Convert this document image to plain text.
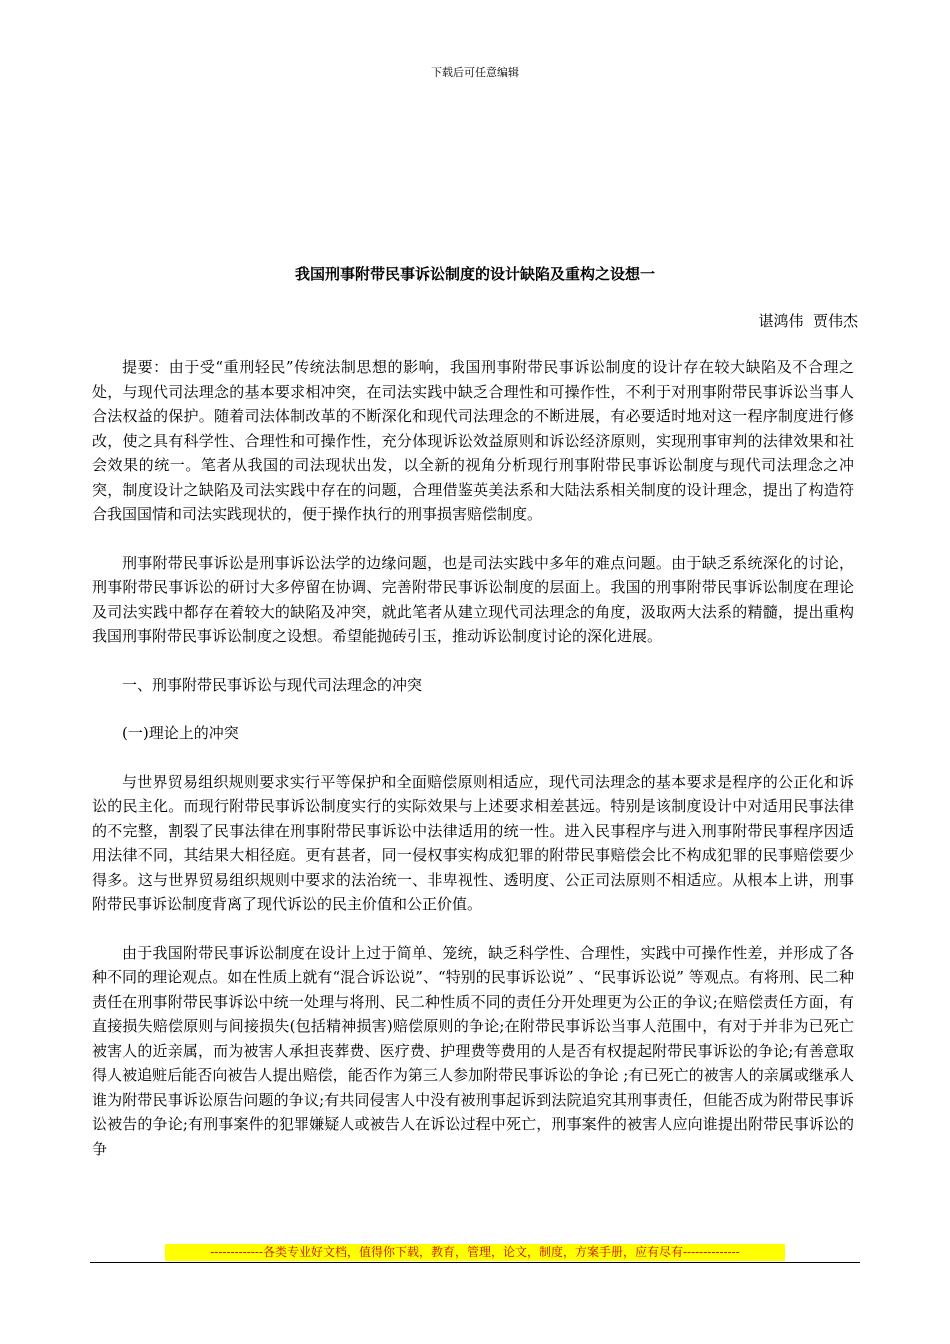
下载后可任意编辑
我国刑事附带民事诉讼制度的设计缺陷及重构之设想一
谌鸿伟  贾伟杰

提要：由于受“重刑轻民”传统法制思想的影响，我国刑事附带民事诉讼制度的设计存在较大缺陷及不合理之处，与现代司法理念的基本要求相冲突，在司法实践中缺乏合理性和可操作性，不利于对刑事附带民事诉讼当事人合法权益的保护。随着司法体制改革的不断深化和现代司法理念的不断进展，有必要适时地对这一程序制度进行修改，使之具有科学性、合理性和可操作性，充分体现诉讼效益原则和诉讼经济原则，实现刑事审判的法律效果和社会效果的统一。笔者从我国的司法现状出发，以全新的视角分析现行刑事附带民事诉讼制度与现代司法理念之冲突，制度设计之缺陷及司法实践中存在的问题，合理借鉴英美法系和大陆法系相关制度的设计理念，提出了构造符合我国国情和司法实践现状的，便于操作执行的刑事损害赔偿制度。

刑事附带民事诉讼是刑事诉讼法学的边缘问题，也是司法实践中多年的难点问题。由于缺乏系统深化的讨论，刑事附带民事诉讼的研讨大多停留在协调、完善附带民事诉讼制度的层面上。我国的刑事附带民事诉讼制度在理论及司法实践中都存在着较大的缺陷及冲突，就此笔者从建立现代司法理念的角度，汲取两大法系的精髓，提出重构我国刑事附带民事诉讼制度之设想。希望能抛砖引玉，推动诉讼制度讨论的深化进展。

一、刑事附带民事诉讼与现代司法理念的冲突

(一)理论上的冲突

与世界贸易组织规则要求实行平等保护和全面赔偿原则相适应，现代司法理念的基本要求是程序的公正化和诉讼的民主化。而现行附带民事诉讼制度实行的实际效果与上述要求相差甚远。特别是该制度设计中对适用民事法律的不完整，割裂了民事法律在刑事附带民事诉讼中法律适用的统一性。进入民事程序与进入刑事附带民事程序因适用法律不同，其结果大相径庭。更有甚者，同一侵权事实构成犯罪的附带民事赔偿会比不构成犯罪的民事赔偿要少得多。这与世界贸易组织规则中要求的法治统一、非卑视性、透明度、公正司法原则不相适应。从根本上讲，刑事附带民事诉讼制度背离了现代诉讼的民主价值和公正价值。

由于我国附带民事诉讼制度在设计上过于简单、笼统，缺乏科学性、合理性，实践中可操作性差，并形成了各种不同的理论观点。如在性质上就有“混合诉讼说”、“特别的民事诉讼说” 、“民事诉讼说” 等观点。有将刑、民二种责任在刑事附带民事诉讼中统一处理与将刑、民二种性质不同的责任分开处理更为公正的争议;在赔偿责任方面，有直接损失赔偿原则与间接损失(包括精神损害)赔偿原则的争论;在附带民事诉讼当事人范围中，有对于并非为已死亡被害人的近亲属，而为被害人承担丧葬费、医疗费、护理费等费用的人是否有权提起附带民事诉讼的争论;有善意取得人被追赃后能否向被告人提出赔偿，能否作为第三人参加附带民事诉讼的争论 ;有已死亡的被害人的亲属或继承人谁为附带民事诉讼原告问题的争议;有共同侵害人中没有被刑事起诉到法院追究其刑事责任，但能否成为附带民事诉讼被告的争论;有刑事案件的犯罪嫌疑人或被告人在诉讼过程中死亡，刑事案件的被害人应向谁提出附带民事诉讼的争

-------------各类专业好文档，值得你下载，教育，管理，论文，制度，方案手册，应有尽有--------------
